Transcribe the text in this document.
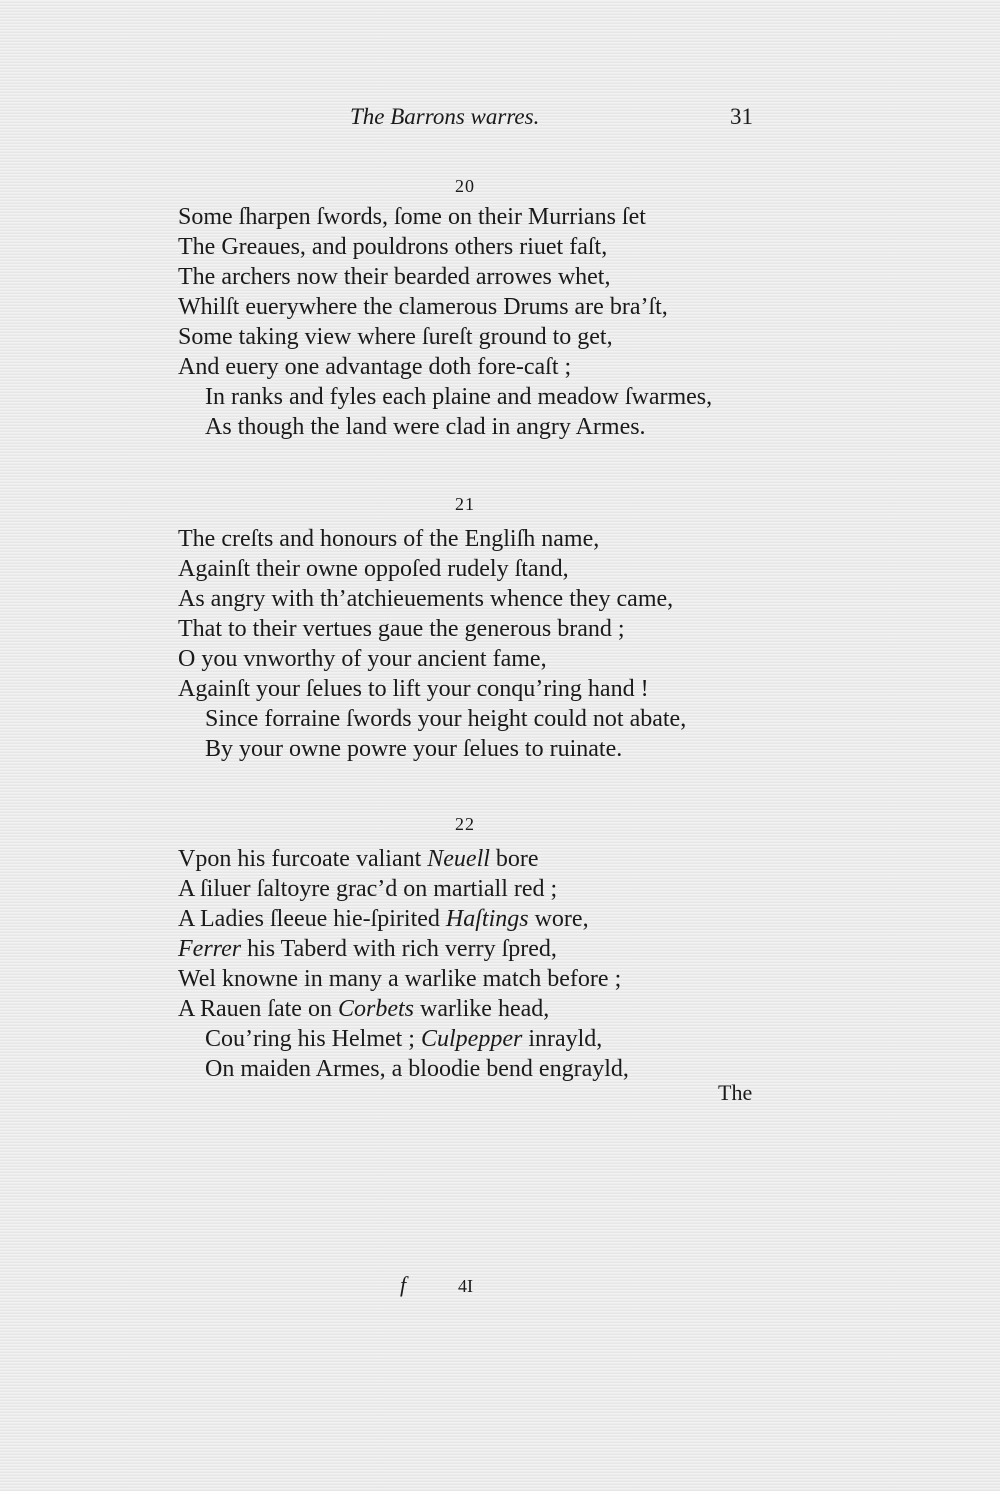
The Barrons warres.	31
20
Some ſharpen ſwords, ſome on their Murrians ſet
The Greaues, and pouldrons others riuet faſt,
The archers now their bearded arrowes whet,
Whilſt euerywhere the clamerous Drums are bra’ſt,
Some taking view where ſureſt ground to get,
And euery one advantage doth fore-caſt ;
In ranks and fyles each plaine and meadow ſwarmes,
As though the land were clad in angry Armes.
21
The creſts and honours of the Engliſh name,
Againſt their owne oppoſed rudely ſtand,
As angry with th’atchieuements whence they came,
That to their vertues gaue the generous brand ;
O you vnworthy of your ancient fame,
Againſt your ſelues to lift your conqu’ring hand !
Since forraine ſwords your height could not abate,
By your owne powre your ſelues to ruinate.
22
Vpon his furcoate valiant Neuell bore
A ſiluer ſaltoyre grac’d on martiall red ;
A Ladies ſleeue hie-ſpirited Haſtings wore,
Ferrer his Taberd with rich verry ſpred,
Wel knowne in many a warlike match before ;
A Rauen ſate on Corbets warlike head,
Cou’ring his Helmet ; Culpepper inrayld,
On maiden Armes, a bloodie bend engrayld,
The
f	4I
